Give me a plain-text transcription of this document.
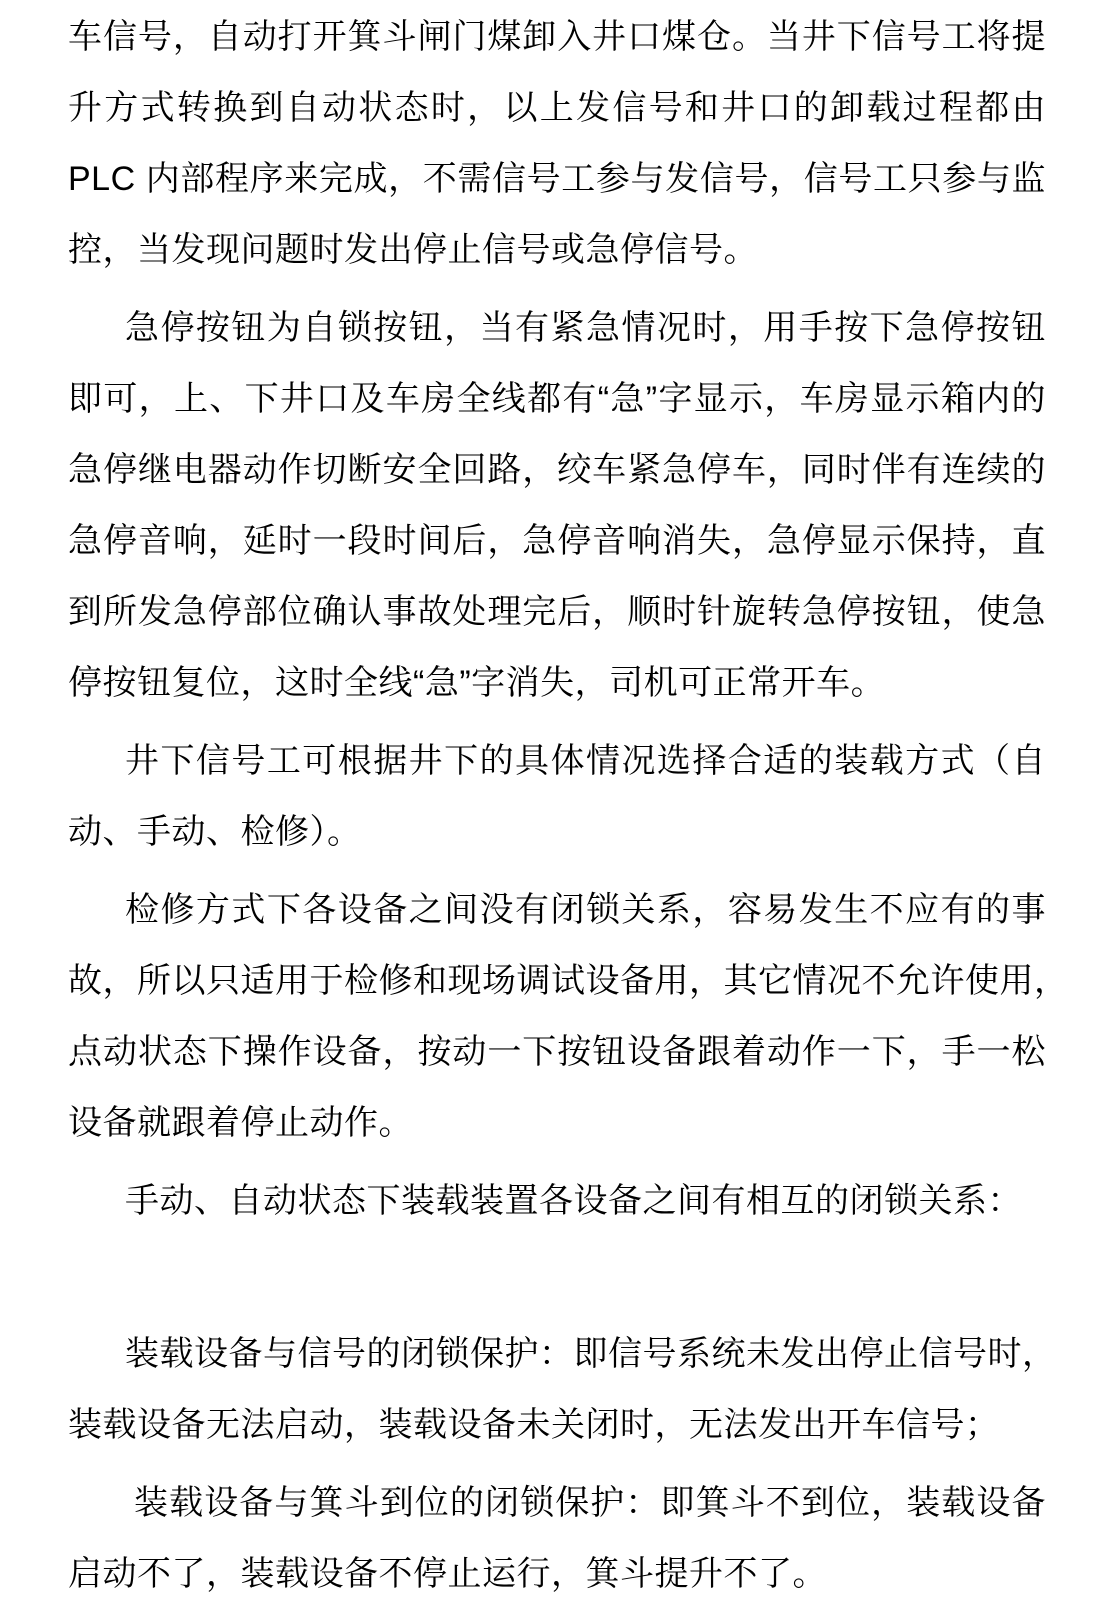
车信号，自动打开箕斗闸门煤卸入井口煤仓。当井下信号工将提
升方式转换到自动状态时，以上发信号和井口的卸载过程都由
PLC 内部程序来完成，不需信号工参与发信号，信号工只参与监
控，当发现问题时发出停止信号或急停信号。
急停按钮为自锁按钮，当有紧急情况时，用手按下急停按钮
即可，上、下井口及车房全线都有“急”字显示，车房显示箱内的
急停继电器动作切断安全回路，绞车紧急停车，同时伴有连续的
急停音响，延时一段时间后，急停音响消失，急停显示保持，直
到所发急停部位确认事故处理完后，顺时针旋转急停按钮，使急
停按钮复位，这时全线“急”字消失，司机可正常开车。
井下信号工可根据井下的具体情况选择合适的装载方式（自
动、手动、检修）。
检修方式下各设备之间没有闭锁关系，容易发生不应有的事
故，所以只适用于检修和现场调试设备用，其它情况不允许使用，
点动状态下操作设备，按动一下按钮设备跟着动作一下，手一松
设备就跟着停止动作。
手动、自动状态下装载装置各设备之间有相互的闭锁关系：
装载设备与信号的闭锁保护：即信号系统未发出停止信号时，
装载设备无法启动，装载设备未关闭时，无法发出开车信号；
装载设备与箕斗到位的闭锁保护：即箕斗不到位，装载设备
启动不了，装载设备不停止运行，箕斗提升不了。
